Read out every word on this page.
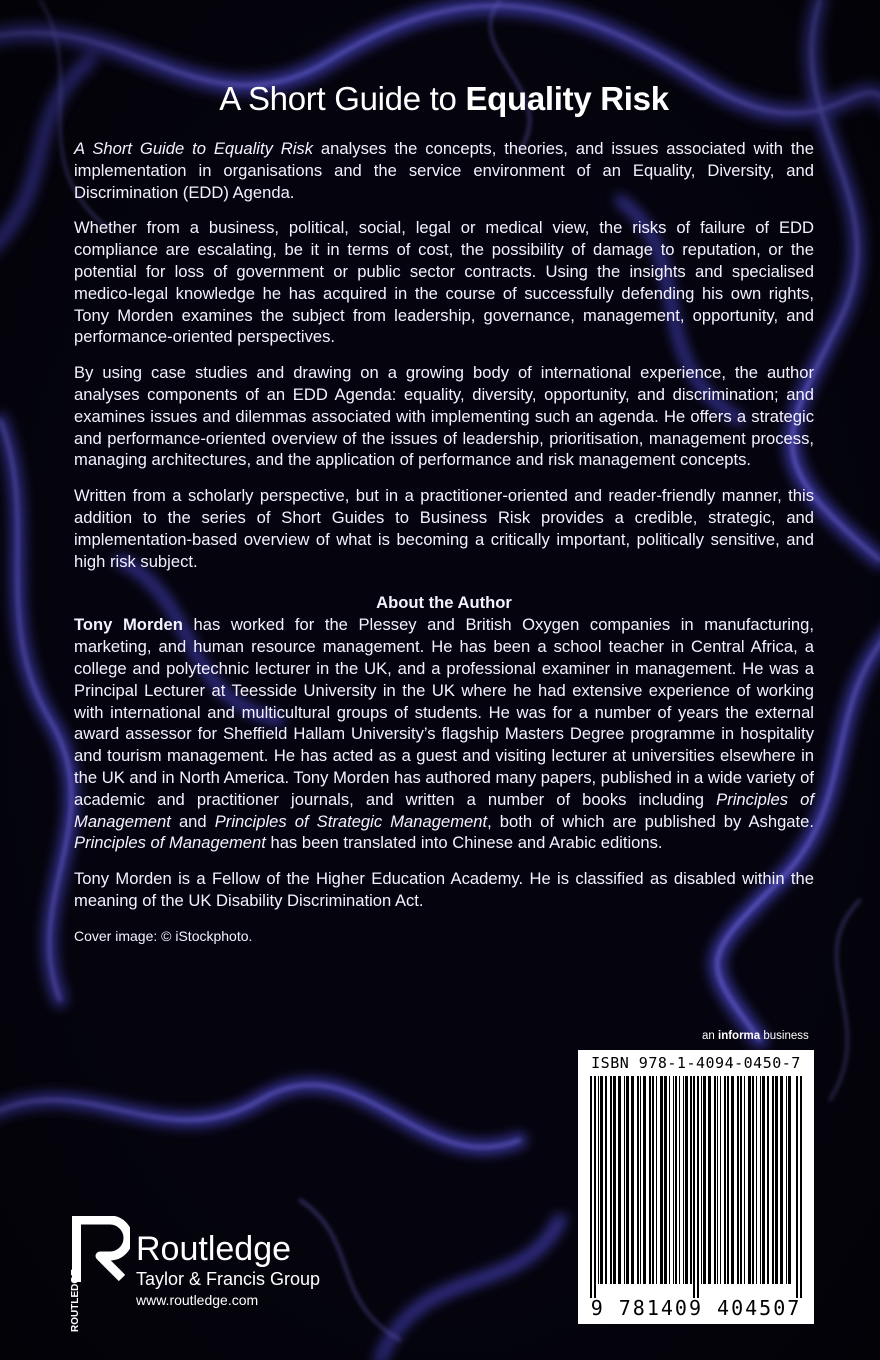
A Short Guide to Equality Risk

A Short Guide to Equality Risk analyses the concepts, theories, and issues associated with the implementation in organisations and the service environment of an Equality, Diversity, and Discrimination (EDD) Agenda.

Whether from a business, political, social, legal or medical view, the risks of failure of EDD compliance are escalating, be it in terms of cost, the possibility of damage to reputation, or the potential for loss of government or public sector contracts. Using the insights and specialised medico-legal knowledge he has acquired in the course of successfully defending his own rights, Tony Morden examines the subject from leadership, governance, management, opportunity, and performance-oriented perspectives.

By using case studies and drawing on a growing body of international experience, the author analyses components of an EDD Agenda: equality, diversity, opportunity, and discrimination; and examines issues and dilemmas associated with implementing such an agenda. He offers a strategic and performance-oriented overview of the issues of leadership, prioritisation, management process, managing architectures, and the application of performance and risk management concepts.

Written from a scholarly perspective, but in a practitioner-oriented and reader-friendly manner, this addition to the series of Short Guides to Business Risk provides a credible, strategic, and implementation-based overview of what is becoming a critically important, politically sensitive, and high risk subject.

About the Author

Tony Morden has worked for the Plessey and British Oxygen companies in manufacturing, marketing, and human resource management. He has been a school teacher in Central Africa, a college and polytechnic lecturer in the UK, and a professional examiner in management. He was a Principal Lecturer at Teesside University in the UK where he had extensive experience of working with international and multicultural groups of students. He was for a number of years the external award assessor for Sheffield Hallam University’s flagship Masters Degree programme in hospitality and tourism management. He has acted as a guest and visiting lecturer at universities elsewhere in the UK and in North America. Tony Morden has authored many papers, published in a wide variety of academic and practitioner journals, and written a number of books including Principles of Management and Principles of Strategic Management, both of which are published by Ashgate. Principles of Management has been translated into Chinese and Arabic editions.

Tony Morden is a Fellow of the Higher Education Academy. He is classified as disabled within the meaning of the UK Disability Discrimination Act.

Cover image: © iStockphoto.
an informa business
ISBN 978-1-4094-0450-7
9 781409 404507
ROUTLEDGE
Routledge
Taylor & Francis Group
www.routledge.com
